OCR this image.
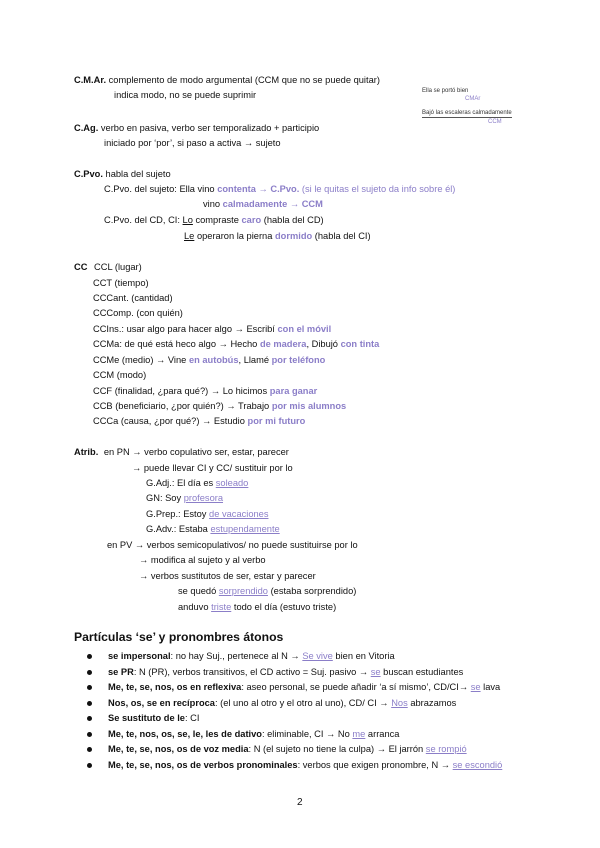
C.M.Ar. complemento de modo argumental (CCM que no se puede quitar)
indica modo, no se puede suprimir	Ella se portó bien
CMAr
Bajó las escaleras calmadamente
CCM
C.Ag. verbo en pasiva, verbo ser temporalizado + participio
iniciado por ‘por’, si paso a activa → sujeto
C.Pvo. habla del sujeto
C.Pvo. del sujeto: Ella vino contenta → C.Pvo. (si le quitas el sujeto da info sobre él)
vino calmadamente → CCM
C.Pvo. del CD, CI: Lo compraste caro (habla del CD)
Le operaron la pierna dormido (habla del CI)
CC CCL (lugar)
CCT (tiempo)
CCCant. (cantidad)
CCComp. (con quién)
CCIns.: usar algo para hacer algo → Escribí con el móvil
CCMa: de qué está heco algo → Hecho de madera, Dibujó con tinta
CCMe (medio) → Vine en autobús, Llamé por teléfono
CCM (modo)
CCF (finalidad, ¿para qué?) → Lo hicimos para ganar
CCB (beneficiario, ¿por quién?) → Trabajo por mis alumnos
CCCa (causa, ¿por qué?) → Estudio por mi futuro
Atrib. en PN → verbo copulativo ser, estar, parecer
→ puede llevar CI y CC/ sustituir por lo
G.Adj.: El día es soleado
GN: Soy profesora
G.Prep.: Estoy de vacaciones
G.Adv.: Estaba estupendamente
en PV → verbos semicopulativos/ no puede sustituirse por lo
→ modifica al sujeto y al verbo
→ verbos sustitutos de ser, estar y parecer
se quedó sorprendido (estaba sorprendido)
anduvo triste todo el día (estuvo triste)
Partículas ‘se’ y pronombres átonos
se impersonal: no hay Suj., pertenece al N → Se vive bien en Vitoria
se PR: N (PR), verbos transitivos, el CD activo = Suj. pasivo → se buscan estudiantes
Me, te, se, nos, os en reflexiva: aseo personal, se puede añadir ‘a sí mismo’, CD/CI→ se lava
Nos, os, se en recíproca: (el uno al otro y el otro al uno), CD/ CI → Nos abrazamos
Se sustituto de le: CI
Me, te, nos, os, se, le, les de dativo: eliminable, CI → No me arranca
Me, te, se, nos, os de voz media: N (el sujeto no tiene la culpa) → El jarrón se rompió
Me, te, se, nos, os de verbos pronominales: verbos que exigen pronombre, N → se escondió
2
